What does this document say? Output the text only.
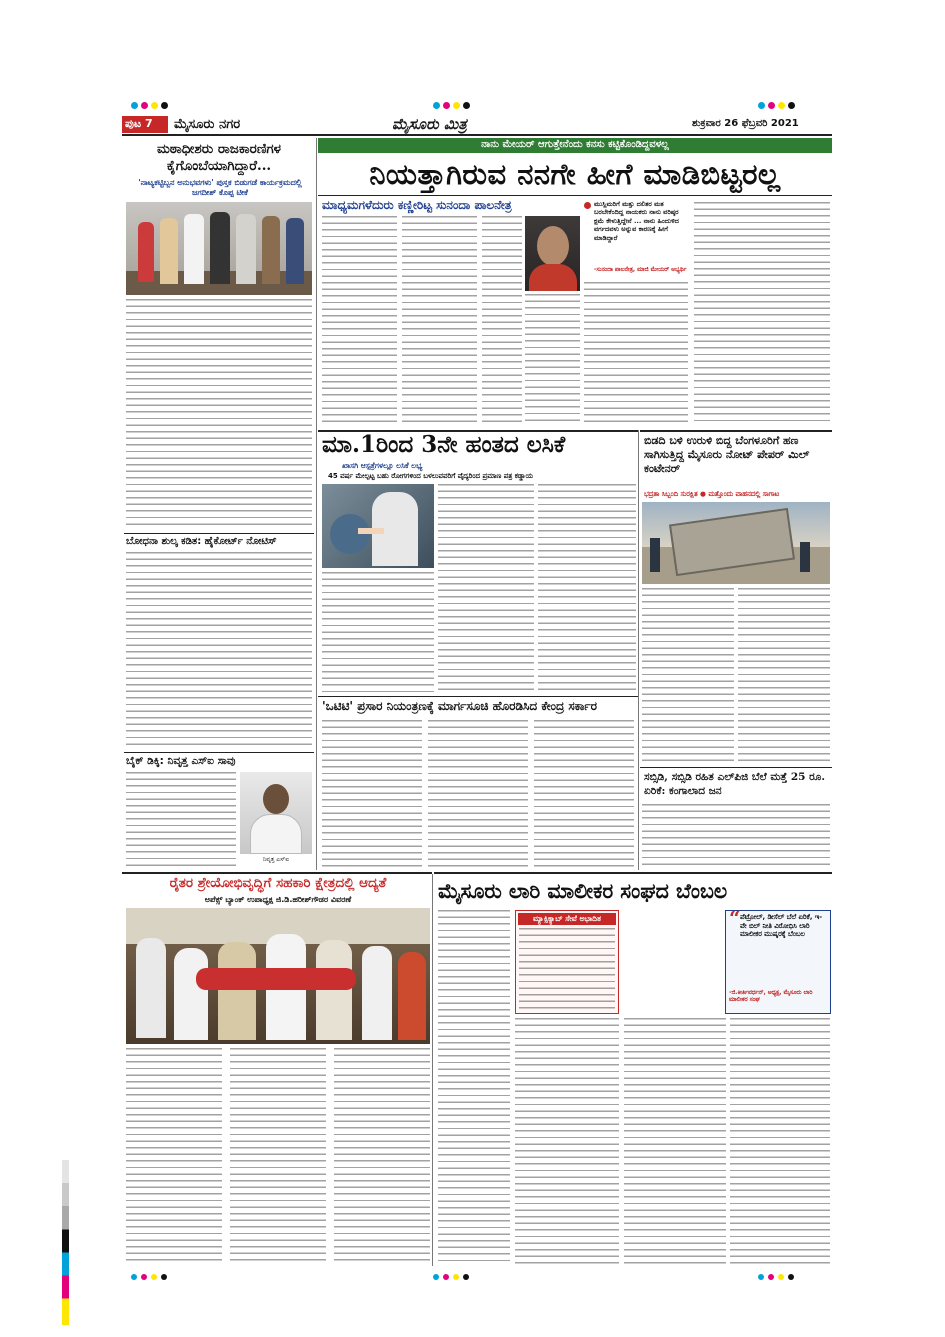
ಪುಟ 7 ಮೈಸೂರು ನಗರ	ಮೈಸೂರು ಮಿತ್ರ	ಶುಕ್ರವಾರ 26 ಫೆಬ್ರವರಿ 2021
ಮಠಾಧೀಶರು ರಾಜಕಾರಣಿಗಳ ಕೈಗೊಂಬೆಯಾಗಿದ್ದಾರೆ...
'ನಾಟ್ಯಕಟ್ಟಿಬ್ಬನ ಅನುಭವಗಳು' ಪುಸ್ತಕ ಬಿಡುಗಡೆ ಕಾರ್ಯಕ್ರಮದಲ್ಲಿ ಜಗದೀಶ್ ಕೊಪ್ಪ ಟೀಕೆ
ಬೋಧನಾ ಶುಲ್ಕ ಕಡಿತ: ಹೈಕೋರ್ಟ್ ನೋಟಿಸ್
ಬೈಕ್ ಡಿಕ್ಕಿ: ನಿವೃತ್ತ ಎಸ್‌ಐ ಸಾವು
ನಿವೃತ್ತ ಎಸ್‌ಐ
ನಾನು ಮೇಯರ್ ಆಗುತ್ತೇನೆಂದು ಕನಸು ಕಟ್ಟಿಕೊಂಡಿದ್ದವಳಲ್ಲ
ನಿಯತ್ತಾಗಿರುವ ನನಗೇ ಹೀಗೆ ಮಾಡಿಬಿಟ್ಟರಲ್ಲ
ಮಾಧ್ಯಮಗಳೆದುರು ಕಣ್ಣೀರಿಟ್ಟ ಸುನಂದಾ ಪಾಲನೇತ್ರ	ಮುಸ್ಲಿಮರಿಗೆ ಮತ್ತು ದಲಿತರ ಮತ ಬರಬೇಕೆಂದಿದ್ದ ನಾಯಕರು ನಾನು ವರಿಷ್ಠರ ಕ್ಷಮೆ ಕೇಳುತ್ತಿದ್ದೇನೆ ... ನಾನು ಹಿಂದುಳಿದ ವರ್ಗದವಳು ಅನ್ನುವ ಕಾರಣಕ್ಕೆ ಹೀಗೆ ಮಾಡಿದ್ದಾರೆ
-ಸುನಂದಾ ಪಾಲನೇತ್ರ, ಮಾಜಿ ಮೇಯರ್ ಅಭ್ಯರ್ಥಿ
ಮಾ.1ರಿಂದ 3ನೇ ಹಂತದ ಲಸಿಕೆ
ಖಾಸಗಿ ಆಸ್ಪತ್ರೆಗಳಲ್ಲೂ ಲಸಿಕೆ ಲಭ್ಯ
45 ವರ್ಷ ಮೇಲ್ಪಟ್ಟ ಬಹು ರೋಗಗಳಿಂದ ಬಳಲುವವರಿಗೆ ವೈದ್ಯರಿಂದ ಪ್ರಮಾಣ ಪತ್ರ ಕಡ್ಡಾಯ
'ಒಟಿಟಿ' ಪ್ರಸಾರ ನಿಯಂತ್ರಣಕ್ಕೆ ಮಾರ್ಗಸೂಚಿ ಹೊರಡಿಸಿದ ಕೇಂದ್ರ ಸರ್ಕಾರ
ಬಿಡದಿ ಬಳಿ ಉರುಳಿ ಬಿದ್ದ ಬೆಂಗಳೂರಿಗೆ ಹಣ ಸಾಗಿಸುತ್ತಿದ್ದ ಮೈಸೂರು ನೋಟ್ ಪೇಪರ್ ಮಿಲ್ ಕಂಟೇನರ್
ಭದ್ರತಾ ಸಿಬ್ಬಂದಿ ಸುರಕ್ಷಿತ ● ಮತ್ತೊಂದು ವಾಹನದಲ್ಲಿ ಸಾಗಾಟ
ಸಬ್ಸಿಡಿ, ಸಬ್ಸಿಡಿ ರಹಿತ ಎಲ್‌ಪಿಜಿ ಬೆಲೆ ಮತ್ತೆ 25 ರೂ. ಏರಿಕೆ: ಕಂಗಾಲಾದ ಜನ
ರೈತರ ಶ್ರೇಯೋಭಿವೃದ್ಧಿಗೆ ಸಹಕಾರಿ ಕ್ಷೇತ್ರದಲ್ಲಿ ಆದ್ಯತೆ
ಅಪೆಕ್ಸ್ ಬ್ಯಾಂಕ್ ಉಪಾಧ್ಯಕ್ಷ ಜಿ.ಡಿ.ಹರೀಶ್‌ಗೌಡರ ವಿವರಣೆ	ಮೈಸೂರು ಲಾರಿ ಮಾಲೀಕರ ಸಂಘದ ಬೆಂಬಲ
ಮ್ಯಾಕ್ಸಿಕ್ಯಾಬ್ ಸೇವೆ ಅಭಾದಿತ	“ ಪೆಟ್ರೋಲ್, ಡೀಸೆಲ್ ಬೆಲೆ ಏರಿಕೆ, ಇ-ವೇ ಬಿಲ್ ನೀತಿ ವಿರೋಧಿಸಿ ಲಾರಿ ಮಾಲೀಕರ ಮುಷ್ಕರಕ್ಕೆ ಬೆಂಬಲ
-ಜಿ.ಕೀರ್ತಿವರ್ಧನ್, ಅಧ್ಯಕ್ಷ, ಮೈಸೂರು ಲಾರಿ ಮಾಲೀಕರ ಸಂಘ
